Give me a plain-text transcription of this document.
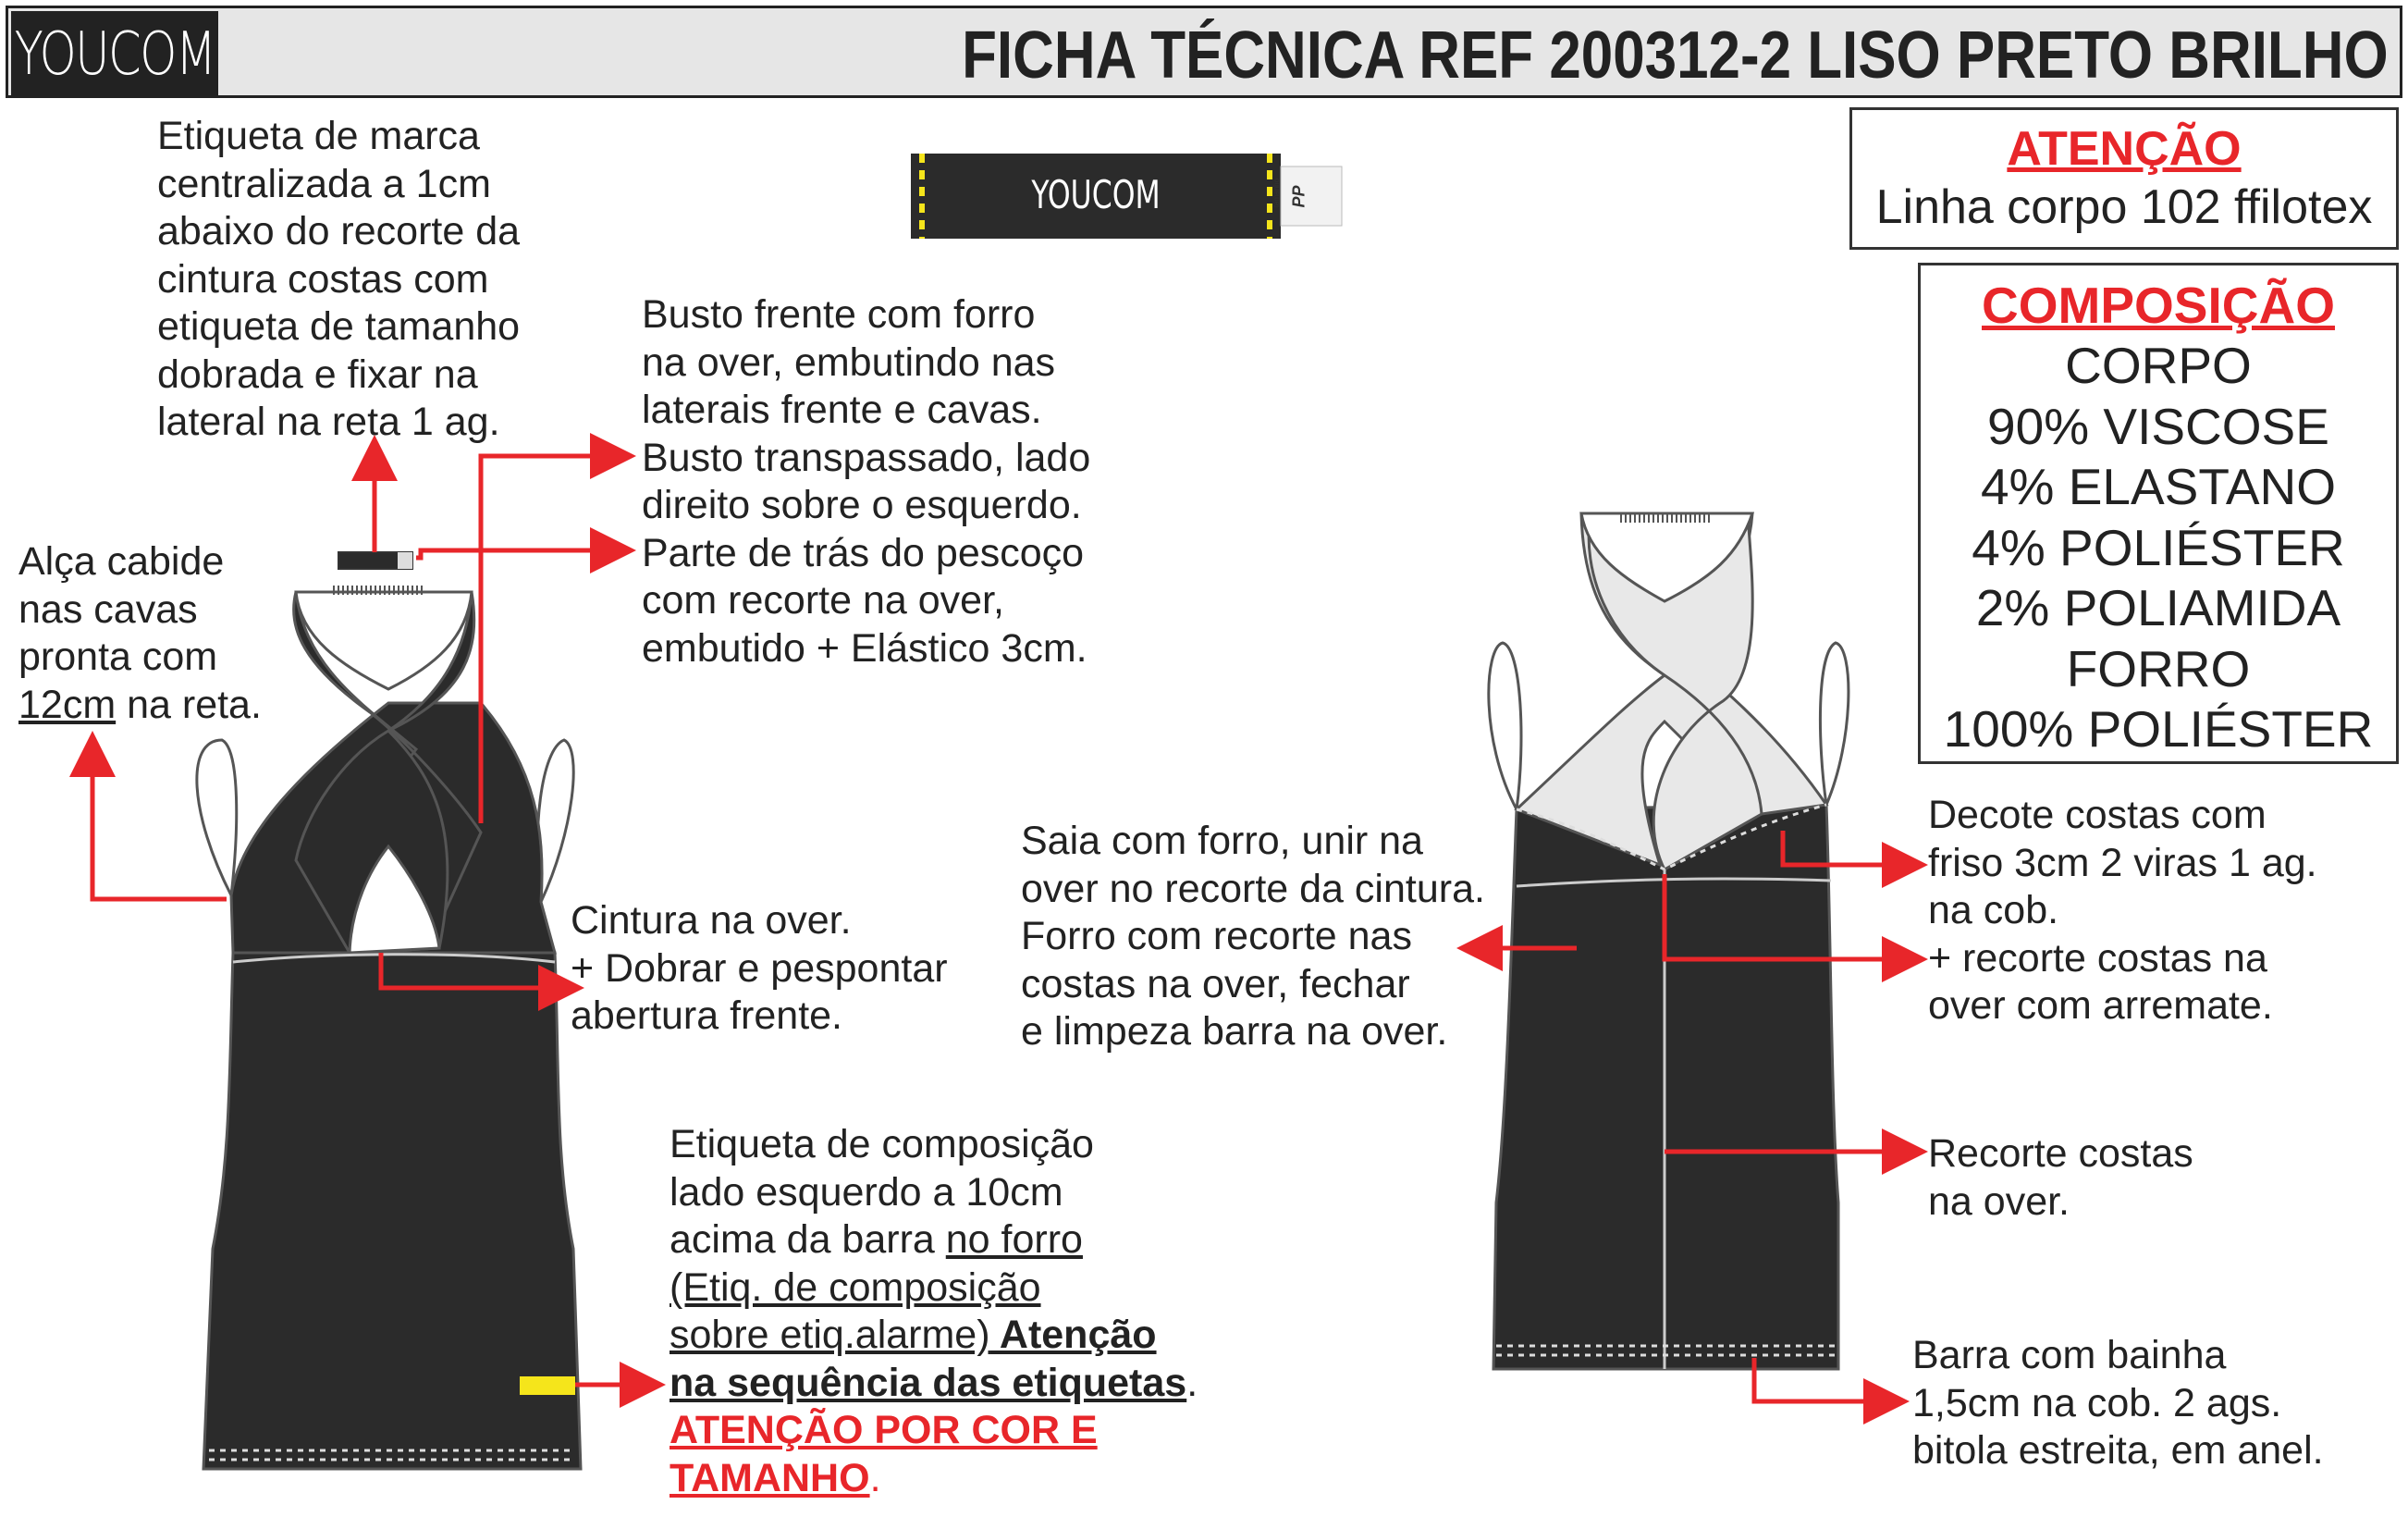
YOUCOM	FICHA TÉCNICA REF 200312-2 LISO PRETO BRILHO
YOUCOM	PP
tamanho
ATENÇÃO
Linha corpo 102 ffilotex
COMPOSIÇÃO
CORPO
90% VISCOSE
4% ELASTANO
4% POLIÉSTER
2% POLIAMIDA
FORRO
100% POLIÉSTER
Etiqueta de marca
centralizada a 1cm
abaixo do recorte da
cintura costas com
etiqueta de tamanho
dobrada e fixar na
lateral na reta 1 ag.
Busto frente com forro
na over, embutindo nas
laterais frente e cavas.
Busto transpassado, lado
direito sobre o esquerdo.
Parte de trás do pescoço
com recorte na over,
embutido + Elástico 3cm.
Alça cabide
nas cavas
pronta com
12cm na reta.
Cintura na over.
+ Dobrar e pespontar
abertura frente.
Etiqueta de composição
lado esquerdo a 10cm
acima da barra no forro
(Etiq. de composição
sobre etiq.alarme) Atenção
na sequência das etiquetas.
ATENÇÃO POR COR E
TAMANHO.
Saia com forro, unir na
over no recorte da cintura.
Forro com recorte nas
costas na over, fechar
e limpeza barra na over.
Decote costas com
friso 3cm 2 viras 1 ag.
na cob.
+ recorte costas na
over com arremate.
Recorte costas
na over.
Barra com bainha
1,5cm na cob. 2 ags.
bitola estreita, em anel.
